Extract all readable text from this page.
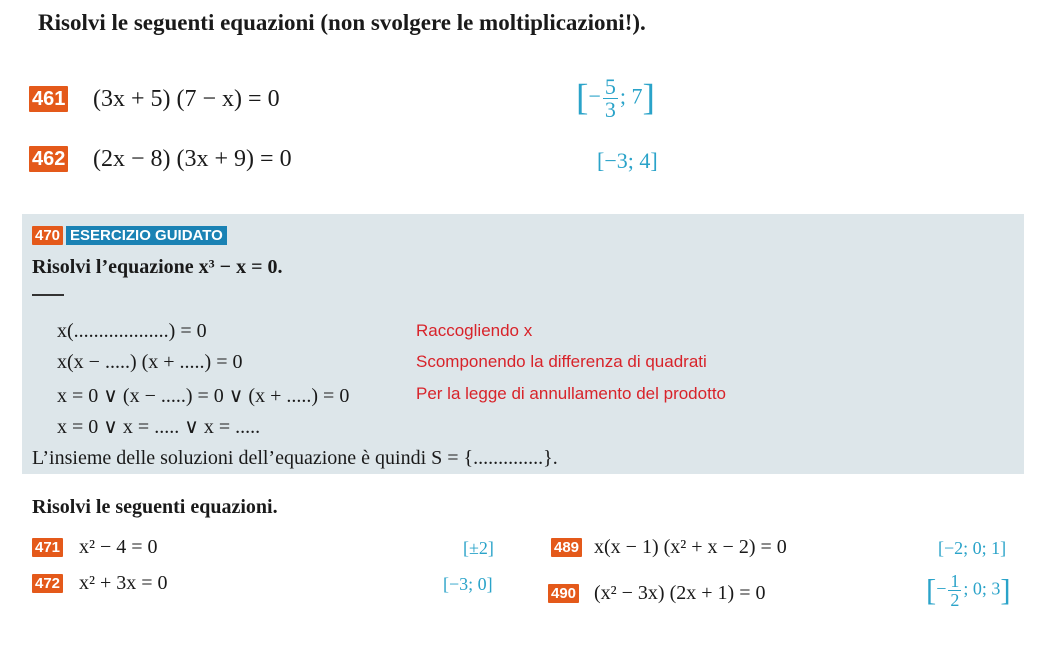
Risolvi le seguenti equazioni (non svolgere le moltiplicazioni!).
461 (3x + 5) (7 − x) = 0	[− $\frac{5}{3}$ ; 7]
462 (2x − 8) (3x + 9) = 0	[−3; 4]
470 ESERCIZIO GUIDATO
Risolvi l’equazione x³ − x = 0.
x(...................) = 0	Raccogliendo x
x(x − .....) (x + .....) = 0	Scomponendo la differenza di quadrati
x = 0 ∨ (x − .....) = 0 ∨ (x + .....) = 0	Per la legge di annullamento del prodotto
x = 0 ∨ x = ..... ∨ x = .....
L’insieme delle soluzioni dell’equazione è quindi S = {..............}.
Risolvi le seguenti equazioni.
471 x² − 4 = 0	[±2]
472 x² + 3x = 0	[−3; 0]
489 x(x − 1) (x² + x − 2) = 0	[−2; 0; 1]
490 (x² − 3x) (2x + 1) = 0	[− $\frac{1}{2}$ ; 0; 3]
